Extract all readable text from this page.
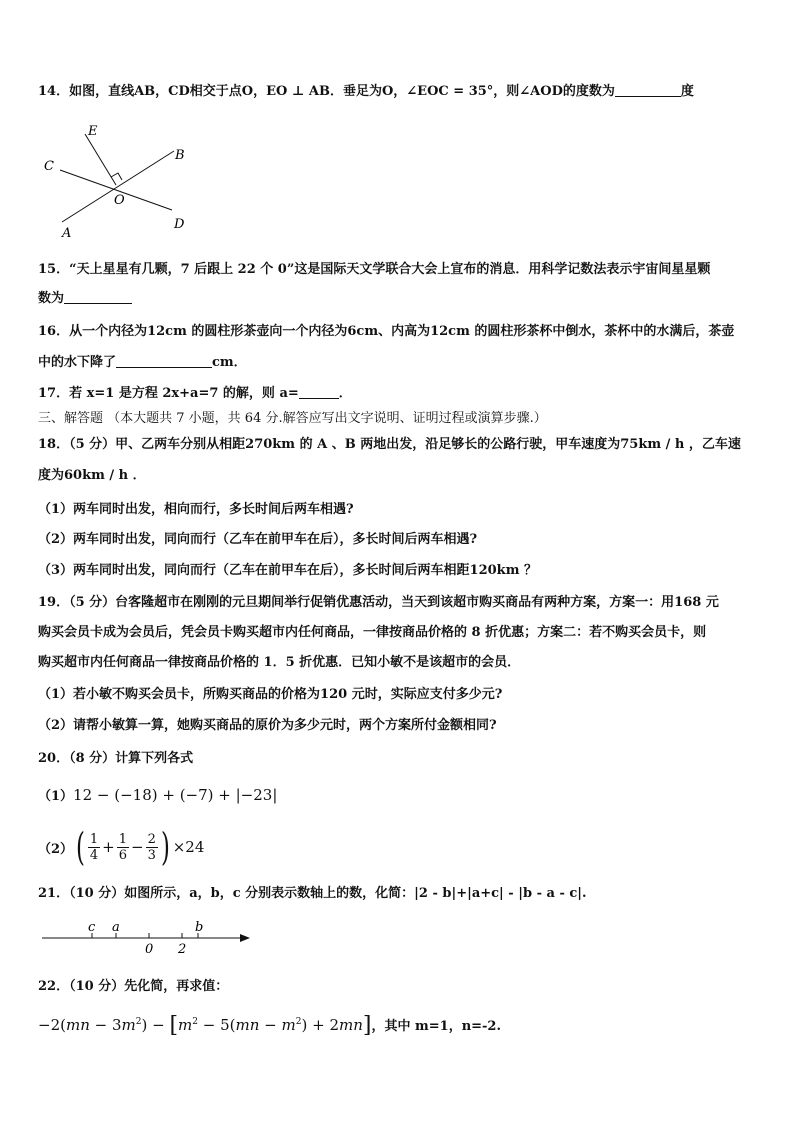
14．如图，直线AB，CD相交于点O，EO ⊥ AB．垂足为O，∠EOC = 35°，则∠AOD的度数为	度
E
C
B
O
A
D
15．“天上星星有几颗，7 后跟上 22 个 0”这是国际天文学联合大会上宣布的消息．用科学记数法表示宇宙间星星颗
数为
16．从一个内径为12cm 的圆柱形茶壶向一个内径为6cm、内高为12cm 的圆柱形茶杯中倒水，茶杯中的水满后，茶壶
中的水下降了	cm．
17．若 x=1 是方程 2x+a=7 的解，则 a=	．
三、解答题 （本大题共 7 小题，共 64 分.解答应写出文字说明、证明过程或演算步骤.）
18．（5 分）甲、乙两车分别从相距270km 的 A 、B 两地出发，沿足够长的公路行驶，甲车速度为75km / h ，乙车速
度为60km / h ．
（1）两车同时出发，相向而行，多长时间后两车相遇?
（2）两车同时出发，同向而行（乙车在前甲车在后），多长时间后两车相遇?
（3）两车同时出发，同向而行（乙车在前甲车在后），多长时间后两车相距120km ？
19．（5 分）台客隆超市在刚刚的元旦期间举行促销优惠活动，当天到该超市购买商品有两种方案，方案一：用168 元
购买会员卡成为会员后，凭会员卡购买超市内任何商品，一律按商品价格的 8 折优惠；方案二：若不购买会员卡，则
购买超市内任何商品一律按商品价格的 1．5 折优惠．已知小敏不是该超市的会员．
（1）若小敏不购买会员卡，所购买商品的价格为120 元时，实际应支付多少元?
（2）请帮小敏算一算，她购买商品的原价为多少元时，两个方案所付金额相同?
20．（8 分）计算下列各式
（1）12 − (−18) + (−7) + |−23|
（2） ( 1
$4 + \frac{1}{6} - \frac{2}{3}$ ) ×24
21．（10 分）如图所示，a，b，c 分别表示数轴上的数，化简：|2 - b|+|a+c| - |b - a - c|.
c a	b
0 2
22．（10 分）先化简，再求值：
$-2(mn - 3m^2) - [m^2 - 5(mn - m^2) + 2mn]$，其中 m=1，n=-2.
